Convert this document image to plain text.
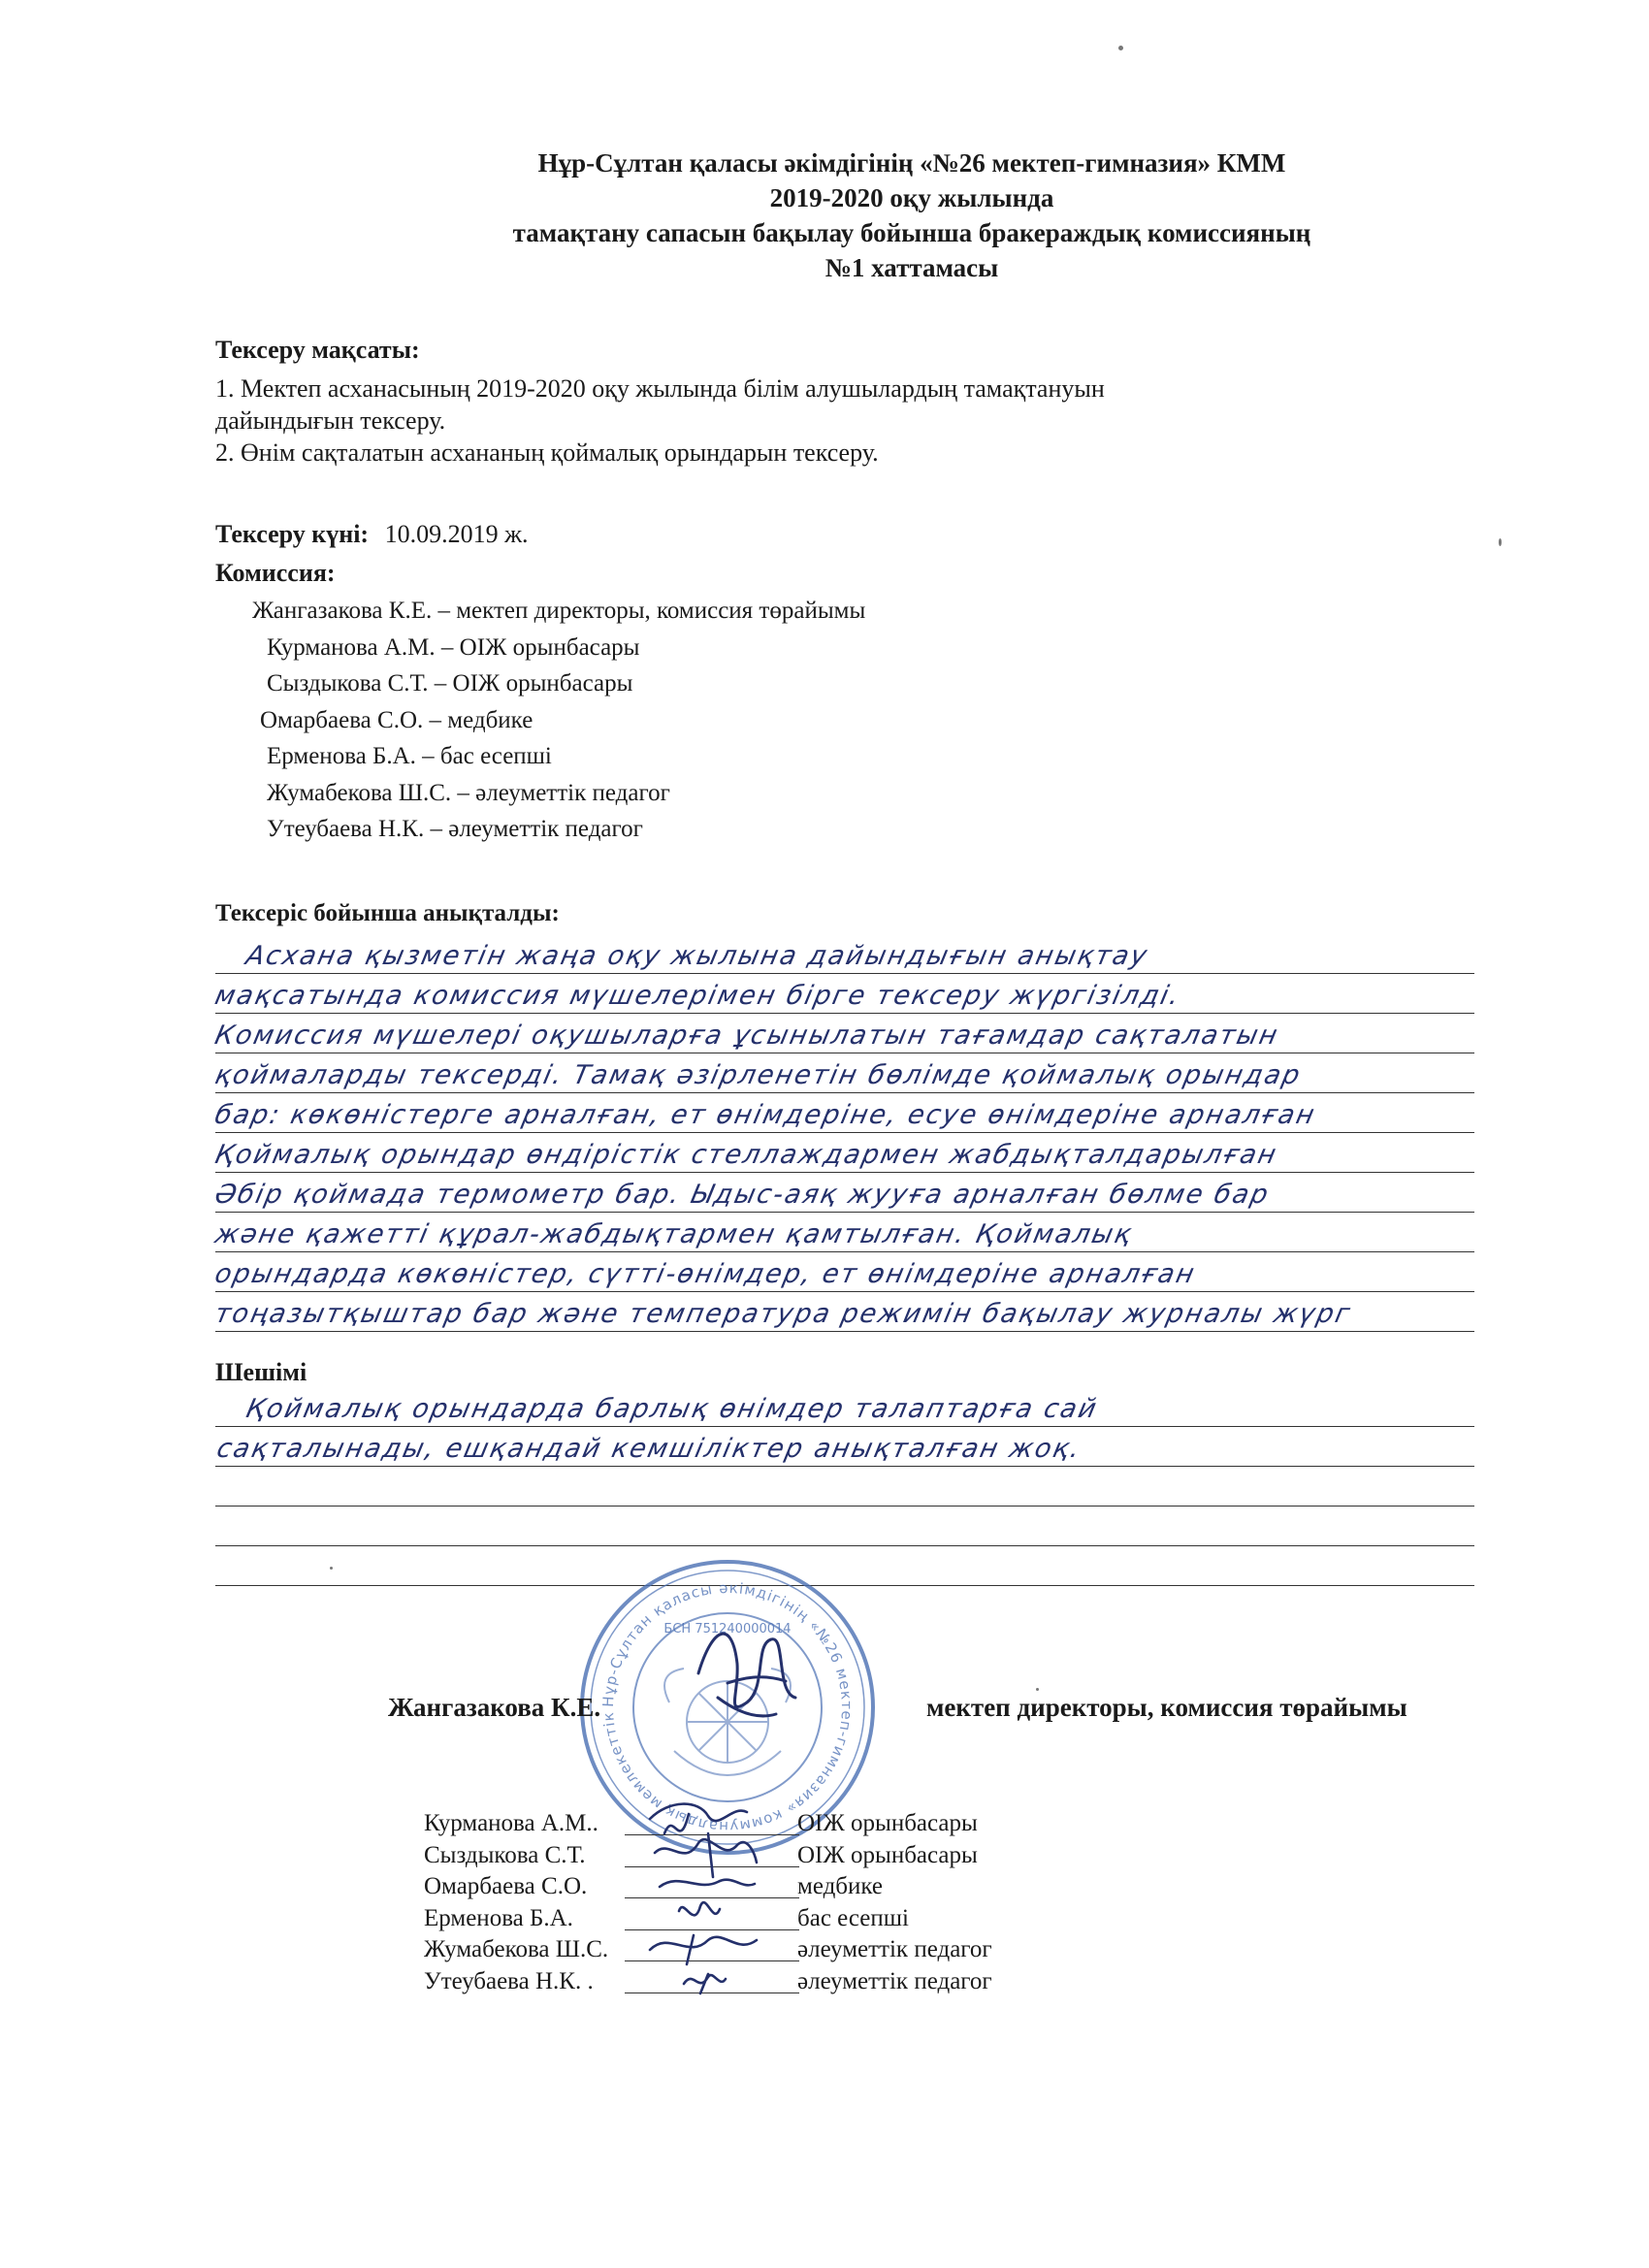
Нұр-Сұлтан қаласы әкімдігінің «№26 мектеп-гимназия» КММ
2019-2020 оқу жылында
тамақтану сапасын бақылау бойынша бракераждық комиссияның
№1 хаттамасы
Тексеру мақсаты:
1. Мектеп асханасының 2019-2020 оқу жылында білім алушылардың тамақтануын
дайындығын тексеру.
2. Өнім сақталатын асхананың қоймалық орындарын тексеру.
Тексеру күні: 10.09.2019 ж.
Комиссия:
Жангазакова К.Е. – мектеп директоры, комиссия төрайымы
Курманова А.М. – ОІЖ орынбасары
Сыздыкова С.Т. – ОІЖ орынбасары
Омарбаева С.О. – медбике
Ерменова Б.А. – бас есепші
Жумабекова Ш.С. – әлеуметтік педагог
Утеубаева Н.К. – әлеуметтік педагог
Тексеріс бойынша анықталды:
Асхана қызметін жаңа оқу жылына дайындығын анықтау
мақсатында комиссия мүшелерімен бірге тексеру жүргізілді.
Комиссия мүшелері оқушыларға ұсынылатын тағамдар сақталатын
қоймаларды тексерді. Тамақ әзірленетін бөлімде қоймалық орындар
бар: көкөністерге арналған, ет өнімдеріне, есуе өнімдеріне арналған
Қоймалық орындар өндірістік стеллаждармен жабдықталдарылған
Әбір қоймада термометр бар. Ыдыс-аяқ жууға арналған бөлме бар
және қажетті құрал-жабдықтармен қамтылған. Қоймалық
орындарда көкөністер, сүтті-өнімдер, ет өнімдеріне арналған
тоңазытқыштар бар және температура режимін бақылау журналы жүрг
Шешімі
Қоймалық орындарда барлық өнімдер талаптарға сай
сақталынады, ешқандай кемшіліктер анықталған жоқ.
Нұр-Сұлтан қаласы әкімдігінің «№26 мектеп-гимназия» коммуналдық мемлекеттік
БСН 751240000014
Жангазакова К.Е.	мектеп директоры, комиссия төрайымы
Курманова А.М..	ОІЖ орынбасары
Сыздыкова С.Т.	ОІЖ орынбасары
Омарбаева С.О.	медбике
Ерменова Б.А.	бас есепші
Жумабекова Ш.С.	әлеуметтік педагог
Утеубаева Н.К. .	әлеуметтік педагог
